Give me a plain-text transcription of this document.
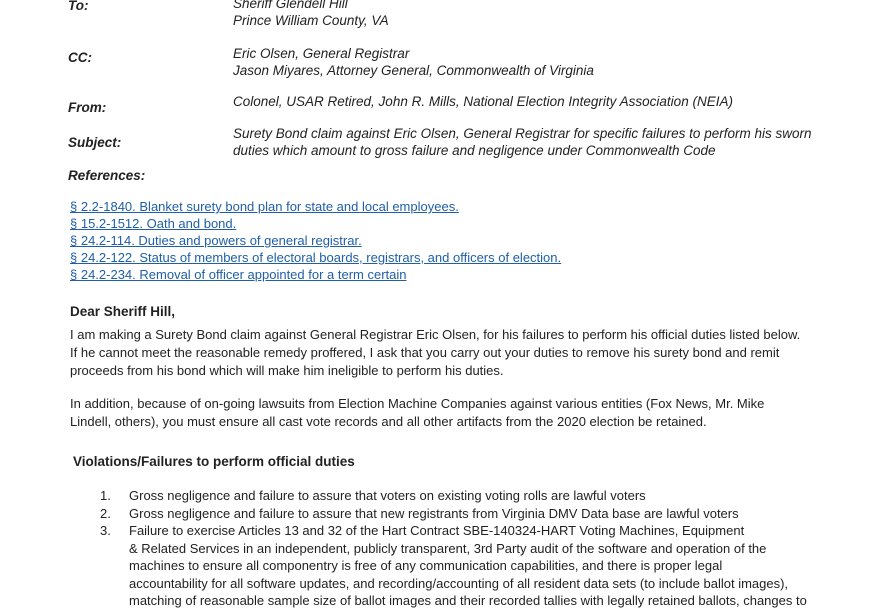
To:	Sheriff Glendell Hill
Prince William County, VA
CC:	Eric Olsen, General Registrar
Jason Miyares, Attorney General, Commonwealth of Virginia
From:	Colonel, USAR Retired, John R. Mills, National Election Integrity Association (NEIA)
Subject:
Surety Bond claim against Eric Olsen, General Registrar for specific failures to perform his sworn
duties which amount to gross failure and negligence under Commonwealth Code
References:
§ 2.2-1840. Blanket surety bond plan for state and local employees.
§ 15.2-1512. Oath and bond.
§ 24.2-114. Duties and powers of general registrar.
§ 24.2-122. Status of members of electoral boards, registrars, and officers of election.
§ 24.2-234. Removal of officer appointed for a term certain
Dear Sheriff Hill,
I am making a Surety Bond claim against General Registrar Eric Olsen, for his failures to perform his official duties listed below.
If he cannot meet the reasonable remedy proffered, I ask that you carry out your duties to remove his surety bond and remit
proceeds from his bond which will make him ineligible to perform his duties.
In addition, because of on-going lawsuits from Election Machine Companies against various entities (Fox News, Mr. Mike
Lindell, others), you must ensure all cast vote records and all other artifacts from the 2020 election be retained.
Violations/Failures to perform official duties
1.	Gross negligence and failure to assure that voters on existing voting rolls are lawful voters
2.	Gross negligence and failure to assure that new registrants from Virginia DMV Data base are lawful voters
3.	Failure to exercise Articles 13 and 32 of the Hart Contract SBE-140324-HART Voting Machines, Equipment
& Related Services in an independent, publicly transparent, 3rd Party audit of the software and operation of the
machines to ensure all componentry is free of any communication capabilities, and there is proper legal
accountability for all software updates, and recording/accounting of all resident data sets (to include ballot images),
matching of reasonable sample size of ballot images and their recorded tallies with legally retained ballots, changes to
